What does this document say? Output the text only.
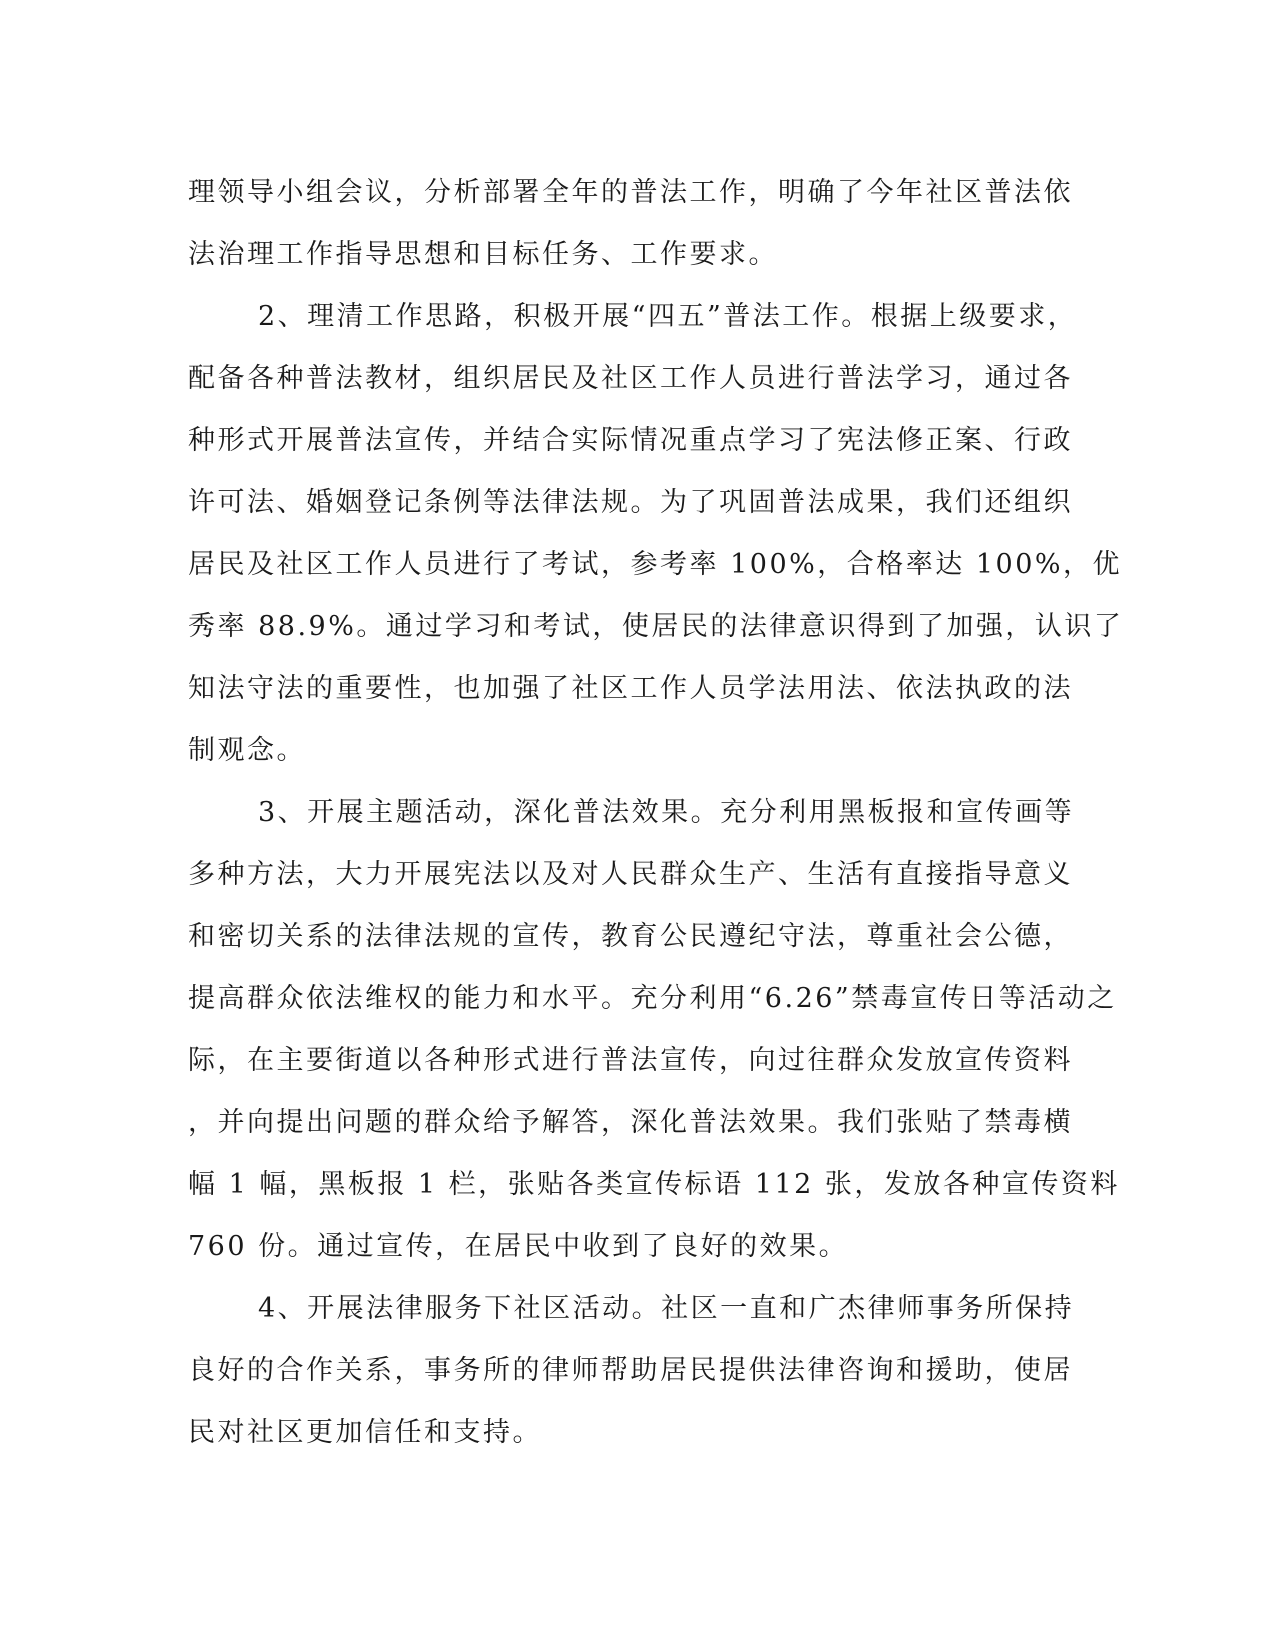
理领导小组会议，分析部署全年的普法工作，明确了今年社区普法依
法治理工作指导思想和目标任务、工作要求。
2、理清工作思路，积极开展“四五”普法工作。根据上级要求，
配备各种普法教材，组织居民及社区工作人员进行普法学习，通过各
种形式开展普法宣传，并结合实际情况重点学习了宪法修正案、行政
许可法、婚姻登记条例等法律法规。为了巩固普法成果，我们还组织
居民及社区工作人员进行了考试，参考率 100%，合格率达 100%，优
秀率 88.9%。通过学习和考试，使居民的法律意识得到了加强，认识了
知法守法的重要性，也加强了社区工作人员学法用法、依法执政的法
制观念。
3、开展主题活动，深化普法效果。充分利用黑板报和宣传画等
多种方法，大力开展宪法以及对人民群众生产、生活有直接指导意义
和密切关系的法律法规的宣传，教育公民遵纪守法，尊重社会公德，
提高群众依法维权的能力和水平。充分利用“6.26”禁毒宣传日等活动之
际，在主要街道以各种形式进行普法宣传，向过往群众发放宣传资料
，并向提出问题的群众给予解答，深化普法效果。我们张贴了禁毒横
幅 1 幅，黑板报 1 栏，张贴各类宣传标语 112 张，发放各种宣传资料
760 份。通过宣传，在居民中收到了良好的效果。
4、开展法律服务下社区活动。社区一直和广杰律师事务所保持
良好的合作关系，事务所的律师帮助居民提供法律咨询和援助，使居
民对社区更加信任和支持。
